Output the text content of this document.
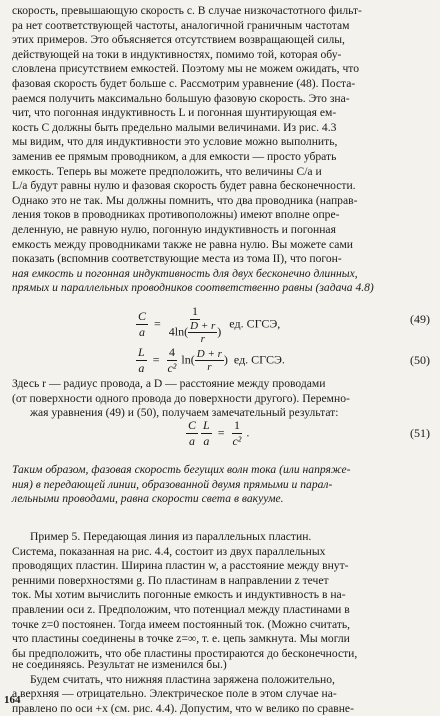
скорость, превышающую скорость c. В случае низкочастотного фильт-
ра нет соответствующей частоты, аналогичной граничным частотам
этих примеров. Это объясняется отсутствием возвращающей силы,
действующей на токи в индуктивностях, помимо той, которая обу-
словлена присутствием емкостей. Поэтому мы не можем ожидать, что
фазовая скорость будет больше c. Рассмотрим уравнение (48). Поста-
раемся получить максимально большую фазовую скорость. Это зна-
чит, что погонная индуктивность L и погонная шунтирующая ем-
кость C должны быть предельно малыми величинами. Из рис. 4.3
мы видим, что для индуктивности это условие можно выполнить,
заменив ее прямым проводником, а для емкости — просто убрать
емкость. Теперь вы можете предположить, что величины C/a и
L/a будут равны нулю и фазовая скорость будет равна бесконечности.
Однако это не так. Мы должны помнить, что два проводника (направ-
ления токов в проводниках противоположны) имеют вполне опре-
деленную, не равную нулю, погонную индуктивность и погонная
емкость между проводниками также не равна нулю. Вы можете сами
показать (вспомнив соответствующие места из тома II), что погон-
ная емкость и погонная индуктивность для двух бесконечно длинных,
прямых и параллельных проводников соответственно равны (задача 4.8)
$\frac{C}{a} = \frac{1}{4\ln( \frac{D + r}{r} )}$ ед. СГСЭ,	(49)
$\frac{L}{a} = \frac{4}{\text{c²}} \ln( \frac{D + r}{r}$ ) ед. СГСЭ.	(50)
Здесь r — радиус провода, а D — расстояние между проводами
(от поверхности одного провода до поверхности другого). Перемно-
жая уравнения (49) и (50), получаем замечательный результат:
$\frac{C}{a}$
$\frac{L}{a} = \frac{1}{\text{c²}}$ .	(51)
Таким образом, фазовая скорость бегущих волн тока (или напряже-
ния) в передающей линии, образованной двумя прямыми и парал-
лельными проводами, равна скорости света в вакууме.
Пример 5. Передающая линия из параллельных пластин.
Система, показанная на рис. 4.4, состоит из двух параллельных
проводящих пластин. Ширина пластин w, а расстояние между внут-
ренними поверхностями g. По пластинам в направлении z течет
ток. Мы хотим вычислить погонные емкость и индуктивность в на-
правлении оси z. Предположим, что потенциал между пластинами в
точке z=0 постоянен. Тогда имеем постоянный ток. (Можно считать,
что пластины соединены в точке z=∞, т. е. цепь замкнута. Мы могли
бы предположить, что обе пластины простираются до бесконечности,
не соединяясь. Результат не изменился бы.)
Будем считать, что нижняя пластина заряжена положительно,
а верхняя — отрицательно. Электрическое поле в этом случае на-
правлено по оси +x (см. рис. 4.4). Допустим, что w велико по сравне-
164
